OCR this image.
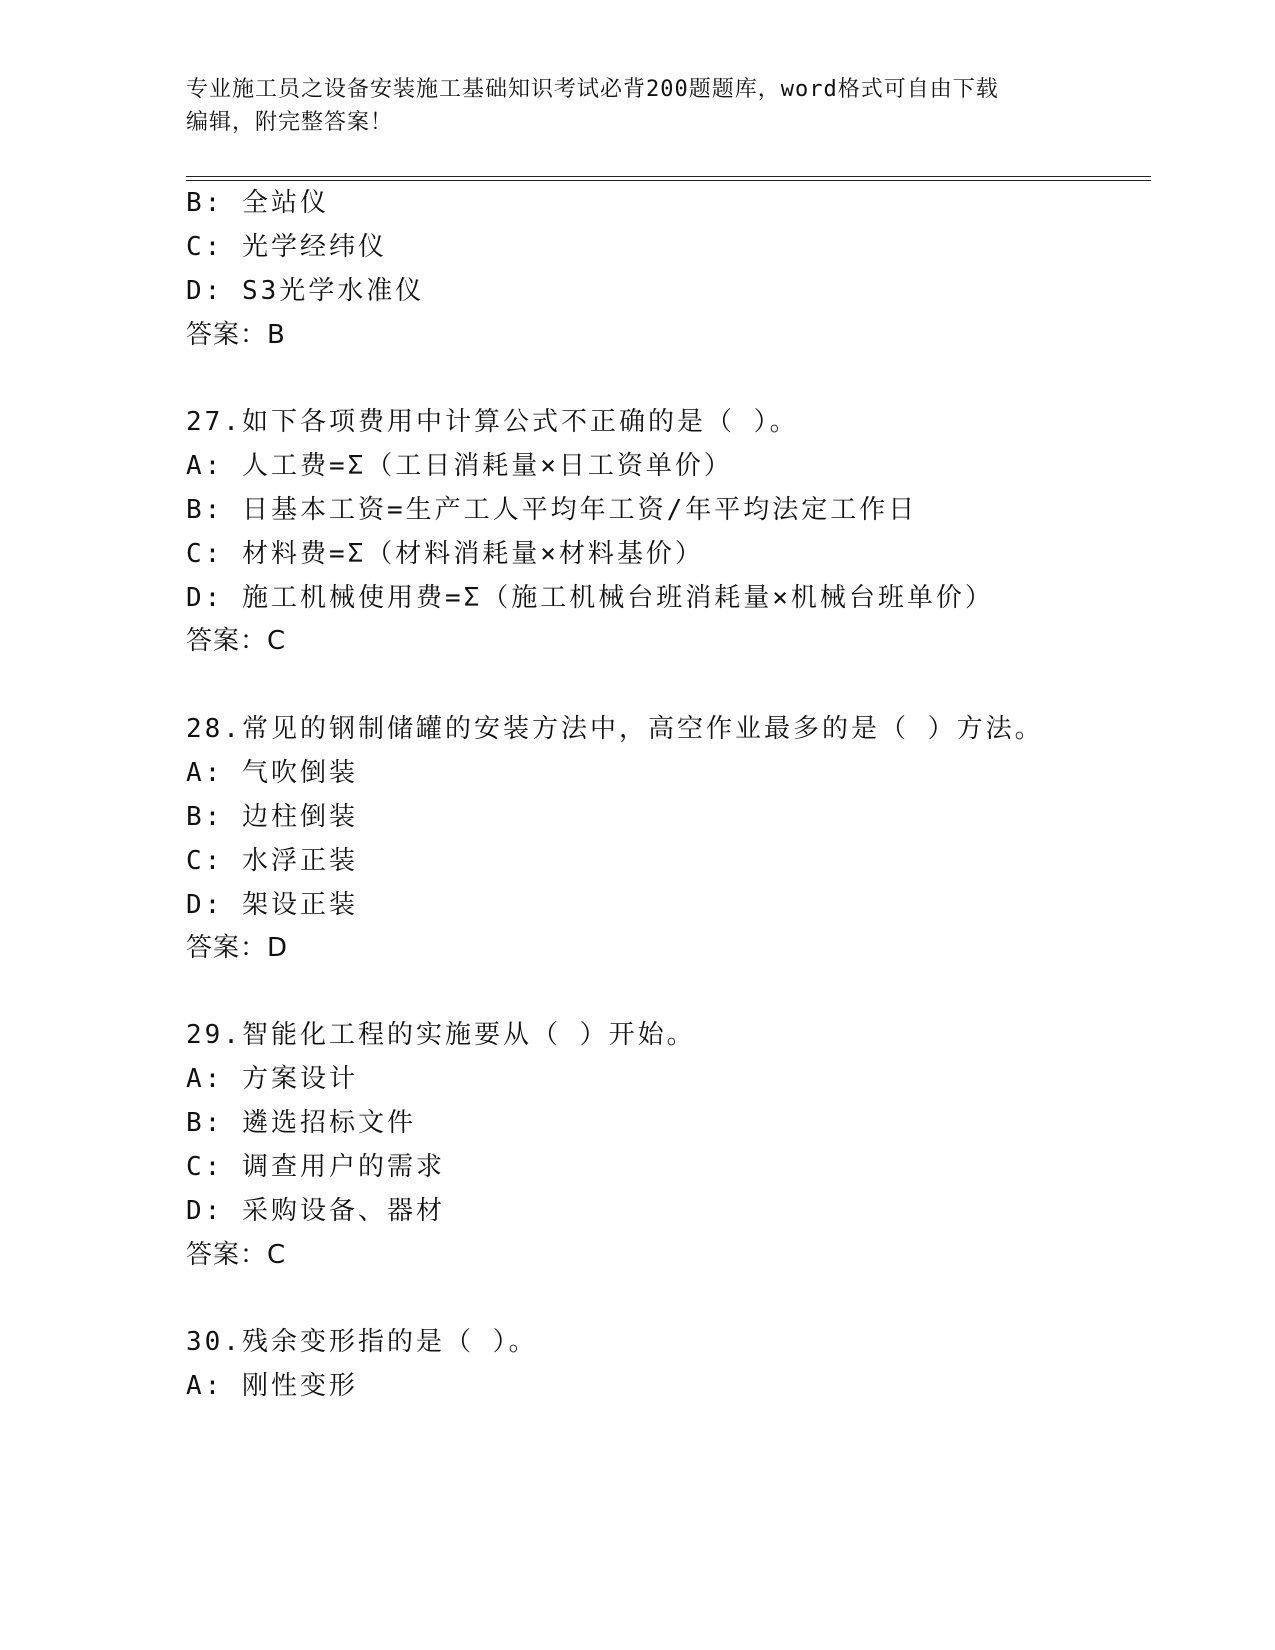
专业施工员之设备安装施工基础知识考试必背200题题库，word格式可自由下载
编辑，附完整答案！
B: 全站仪
C: 光学经纬仪
D: S3光学水准仪
答案：B
27.如下各项费用中计算公式不正确的是（ ）。
A: 人工费=Σ（工日消耗量×日工资单价）
B: 日基本工资=生产工人平均年工资/年平均法定工作日
C: 材料费=Σ（材料消耗量×材料基价）
D: 施工机械使用费=Σ（施工机械台班消耗量×机械台班单价）
答案：C
28.常见的钢制储罐的安装方法中，高空作业最多的是（ ）方法。
A: 气吹倒装
B: 边柱倒装
C: 水浮正装
D: 架设正装
答案：D
29.智能化工程的实施要从（ ）开始。
A: 方案设计
B: 遴选招标文件
C: 调查用户的需求
D: 采购设备、器材
答案：C
30.残余变形指的是（ ）。
A: 刚性变形
